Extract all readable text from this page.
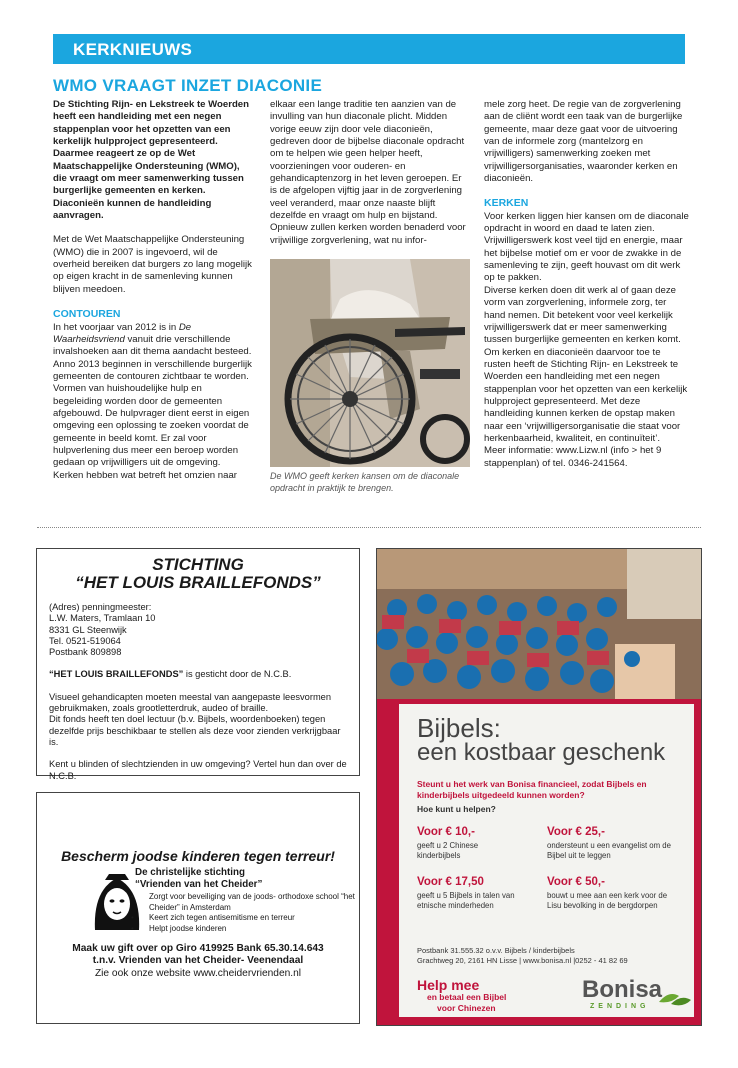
KERKNIEUWS
WMO VRAAGT INZET DIACONIE

De Stichting Rijn- en Lekstreek te Woerden heeft een handleiding met een negen stappenplan voor het opzetten van een kerkelijk hulpproject gepresenteerd. Daarmee reageert ze op de Wet Maatschappelijke Ondersteuning (WMO), die vraagt om meer samenwerking tussen burgerlijke gemeenten en kerken. Diaconieën kunnen de handleiding aanvragen.

Met de Wet Maatschappelijke Ondersteuning (WMO) die in 2007 is ingevoerd, wil de overheid bereiken dat burgers zo lang mogelijk op eigen kracht in de samenleving kunnen blijven meedoen.

CONTOUREN

In het voorjaar van 2012 is in De Waarheidsvriend vanuit drie verschillende invalshoeken aan dit thema aandacht besteed. Anno 2013 beginnen in verschillende burgerlijk gemeenten de contouren zichtbaar te worden. Vormen van huishoudelijke hulp en begeleiding worden door de gemeenten afgebouwd. De hulpvrager dient eerst in eigen omgeving een oplossing te zoeken voordat de gemeente in beeld komt. Er zal voor hulpverlening dus meer een beroep worden gedaan op vrijwilligers uit de omgeving.

Kerken hebben wat betreft het omzien naar

elkaar een lange traditie ten aanzien van de invulling van hun diaconale plicht. Midden vorige eeuw zijn door vele diaconieën, gedreven door de bijbelse diaconale opdracht om te helpen wie geen helper heeft, voorzieningen voor ouderen- en gehandicaptenzorg in het leven geroepen. Er is de afgelopen vijftig jaar in de zorgverlening veel veranderd, maar onze naaste blijft dezelfde en vraagt om hulp en bijstand.

Opnieuw zullen kerken worden benaderd voor vrijwillige zorgverlening, wat nu infor-

De WMO geeft kerken kansen om de diaconale opdracht in praktijk te brengen.

mele zorg heet. De regie van de zorgverlening aan de cliënt wordt een taak van de burgerlijke gemeente, maar deze gaat voor de uitvoering van de informele zorg (mantelzorg en vrijwilligers) samenwerking zoeken met vrijwilligersorganisaties, waaronder kerken en diaconieën.

KERKEN

Voor kerken liggen hier kansen om de diaconale opdracht in woord en daad te laten zien. Vrijwilligerswerk kost veel tijd en energie, maar het bijbelse motief om er voor de zwakke in de samenleving te zijn, geeft houvast om dit werk op te pakken.

Diverse kerken doen dit werk al of gaan deze vorm van zorgverlening, informele zorg, ter hand nemen. Dit betekent voor veel kerkelijk vrijwilligerswerk dat er meer samenwerking tussen burgerlijke gemeenten en kerken komt. Om kerken en diaconieën daarvoor toe te rusten heeft de Stichting Rijn- en Lekstreek te Woerden een handleiding met een negen stappenplan voor het opzetten van een kerkelijk hulpproject gepresenteerd. Met deze handleiding kunnen kerken de opstap maken naar een ‘vrijwilligersorganisatie die staat voor herkenbaarheid, kwaliteit, en continuïteit’.

Meer informatie: www.Lizw.nl (info > het 9 stappenplan) of tel. 0346-241564.

STICHTING
“HET LOUIS BRAILLEFONDS”

(Adres) penningmeester:
L.W. Maters, Tramlaan 10
8331 GL Steenwijk
Tel. 0521-519064
Postbank 809898

“HET LOUIS BRAILLEFONDS” is gesticht door de N.C.B.

Visueel gehandicapten moeten meestal van aangepaste leesvormen gebruikmaken, zoals grootletterdruk, audeo of braille.

Dit fonds heeft ten doel lectuur (b.v. Bijbels, woordenboeken) tegen dezelfde prijs beschikbaar te stellen als deze voor zienden verkrijgbaar is.

Kent u blinden of slechtzienden in uw omgeving? Vertel hun dan over de N.C.B.

Bescherm joodse kinderen tegen terreur!
De christelijke stichting
“Vrienden van het Cheider”
• Zorgt voor beveiliging van de joods- orthodoxe school “het Cheider” in Amsterdam
• Keert zich tegen antisemitisme en terreur
• Helpt joodse kinderen
Maak uw gift over op Giro 419925 Bank 65.30.14.643
t.n.v. Vrienden van het Cheider- Veenendaal
Zie ook onze website www.cheidervrienden.nl
Bijbels:
een kostbaar geschenk
Steunt u het werk van Bonisa financieel, zodat Bijbels en kinderbijbels uitgedeeld kunnen worden?
Hoe kunt u helpen?
Voor € 10,-
geeft u 2 Chinese kinderbijbels
Voor € 25,-
ondersteunt u een evangelist om de Bijbel uit te leggen
Voor € 17,50
geeft u 5 Bijbels in talen van etnische minderheden
Voor € 50,-
bouwt u mee aan een kerk voor de Lisu bevolking in de bergdorpen
Postbank 31.555.32 o.v.v. Bijbels / kinderbijbels
Grachtweg 20, 2161 HN Lisse | www.bonisa.nl |0252 - 41 82 69
Help mee
en betaal een Bijbel
voor Chinezen
Bonisa
ZENDING
